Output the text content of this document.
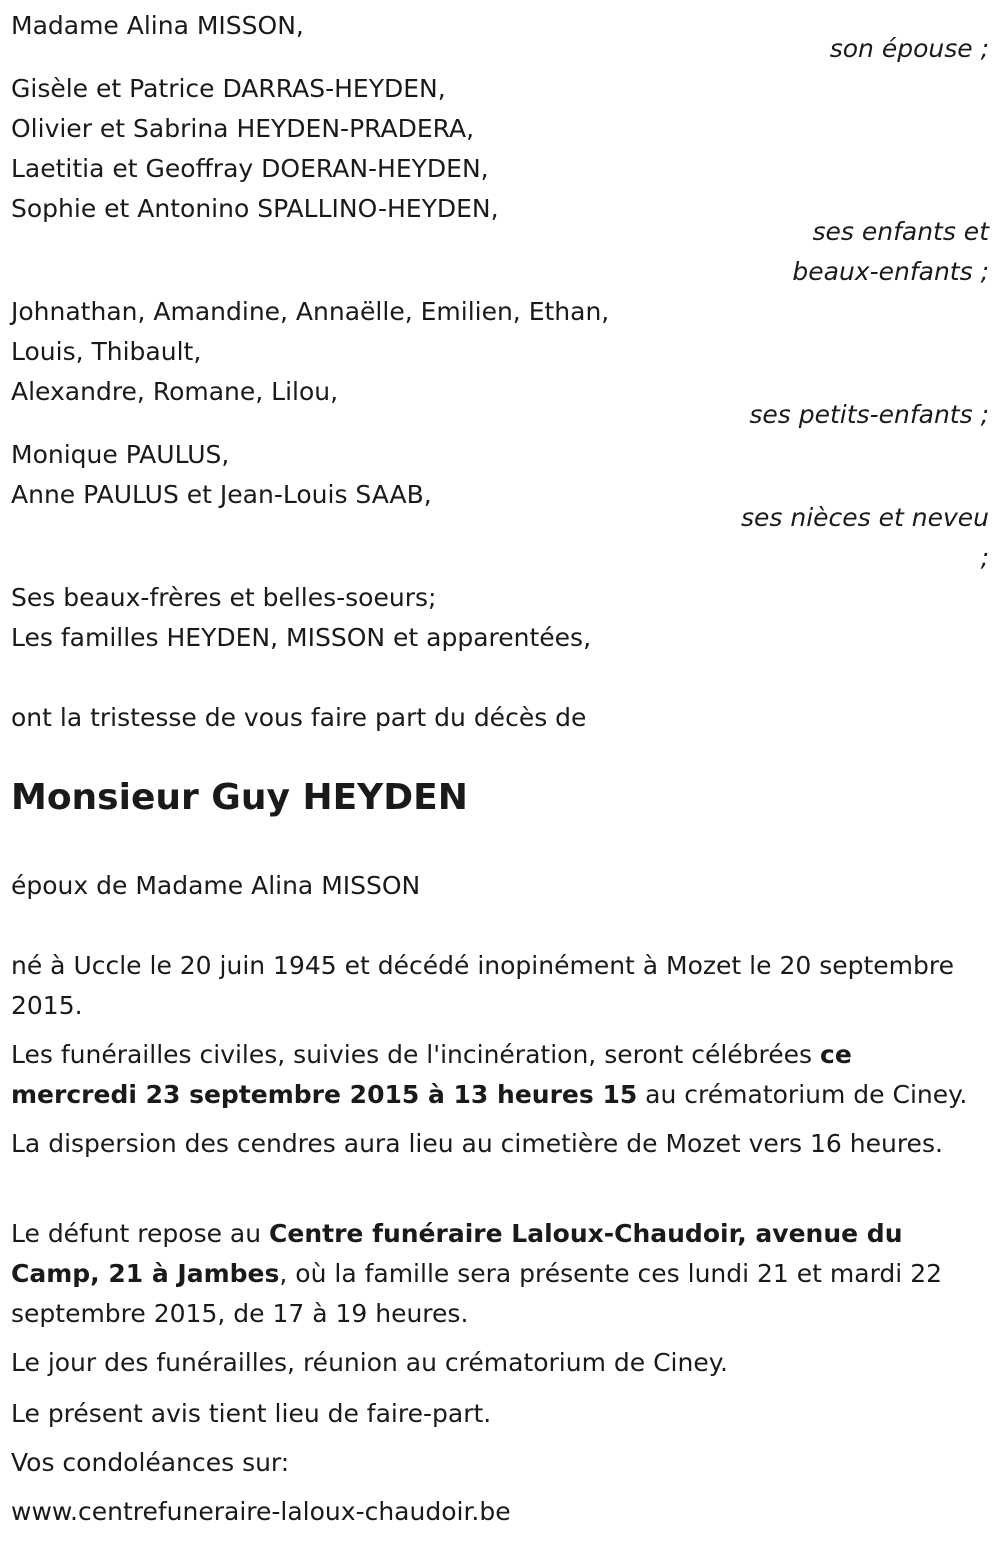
Madame Alina MISSON,
son épouse ;
Gisèle et Patrice DARRAS-HEYDEN,
Olivier et Sabrina HEYDEN-PRADERA,
Laetitia et Geoffray DOERAN-HEYDEN,
Sophie et Antonino SPALLINO-HEYDEN,
ses enfants et
beaux-enfants ;
Johnathan, Amandine, Annaëlle, Emilien, Ethan,
Louis, Thibault,
Alexandre, Romane, Lilou,
ses petits-enfants ;
Monique PAULUS,
Anne PAULUS et Jean-Louis SAAB,
ses nièces et neveu
;
Ses beaux-frères et belles-soeurs;
Les familles HEYDEN, MISSON et apparentées,
ont la tristesse de vous faire part du décès de
Monsieur Guy HEYDEN
époux de Madame Alina MISSON
né à Uccle le 20 juin 1945 et décédé inopinément à Mozet le 20 septembre 2015.
Les funérailles civiles, suivies de l'incinération, seront célébrées ce mercredi 23 septembre 2015 à 13 heures 15 au crématorium de Ciney.
La dispersion des cendres aura lieu au cimetière de Mozet vers 16 heures.
Le défunt repose au Centre funéraire Laloux-Chaudoir, avenue du Camp, 21 à Jambes, où la famille sera présente ces lundi 21 et mardi 22 septembre 2015, de 17 à 19 heures.
Le jour des funérailles, réunion au crématorium de Ciney.
Le présent avis tient lieu de faire-part.
Vos condoléances sur:
www.centrefuneraire-laloux-chaudoir.be
